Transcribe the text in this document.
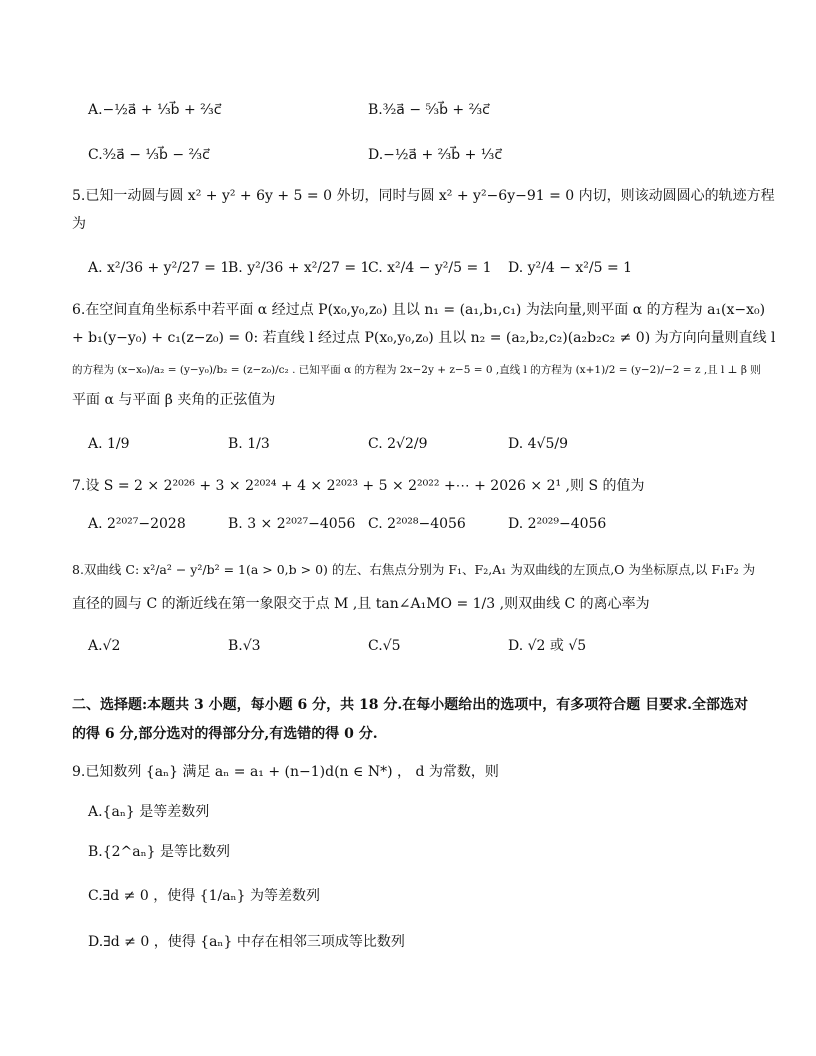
A.−½a⃗ + ⅓b⃗ + ⅔c⃗	B.³⁄₂a⃗ − ⁵⁄₃b⃗ + ⅔c⃗
C.³⁄₂a⃗ − ⅓b⃗ − ⅔c⃗	D.−½a⃗ + ⅔b⃗ + ⅓c⃗
5.已知一动圆与圆 x² + y² + 6y + 5 = 0 外切，同时与圆 x² + y²−6y−91 = 0 内切，则该动圆圆心的轨迹方程
为
A. x²/36 + y²/27 = 1
B. y²/36 + x²/27 = 1
C. x²/4 − y²/5 = 1 D. y²/4 − x²/5 = 1
6.在空间直角坐标系中若平面 α 经过点 P(x₀,y₀,z₀) 且以 n₁ = (a₁,b₁,c₁) 为法向量,则平面 α 的方程为 a₁(x−x₀)
+ b₁(y−y₀) + c₁(z−z₀) = 0: 若直线 l 经过点 P(x₀,y₀,z₀) 且以 n₂ = (a₂,b₂,c₂)(a₂b₂c₂ ≠ 0) 为方向向量则直线 l
的方程为 (x−x₀)/a₂ = (y−y₀)/b₂ = (z−z₀)/c₂ . 已知平面 α 的方程为 2x−2y + z−5 = 0 ,直线 l 的方程为 (x+1)/2 = (y−2)/−2 = z ,且 l ⊥ β 则
平面 α 与平面 β 夹角的正弦值为
A. 1/9	B. 1/3	C. 2√2/9	D. 4√5/9
7.设 S = 2 × 2²⁰²⁶ + 3 × 2²⁰²⁴ + 4 × 2²⁰²³ + 5 × 2²⁰²² +⋯ + 2026 × 2¹ ,则 S 的值为
A. 2²⁰²⁷−2028	B. 3 × 2²⁰²⁷−4056 C. 2²⁰²⁸−4056	D. 2²⁰²⁹−4056
8.双曲线 C: x²/a² − y²/b² = 1(a > 0,b > 0) 的左、右焦点分别为 F₁、F₂,A₁ 为双曲线的左顶点,O 为坐标原点,以 F₁F₂ 为
直径的圆与 C 的渐近线在第一象限交于点 M ,且 tan∠A₁MO = 1/3 ,则双曲线 C 的离心率为
A.√2	B.√3	C.√5	D. √2 或 √5
二、选择题:本题共 3 小题，每小题 6 分，共 18 分.在每小题给出的选项中，有多项符合题 目要求.全部选对
的得 6 分,部分选对的得部分分,有选错的得 0 分.
9.已知数列 {aₙ} 满足 aₙ = a₁ + (n−1)d(n ∈ N*) ， d 为常数，则
A.{aₙ} 是等差数列
B.{2^aₙ} 是等比数列
C.∃d ≠ 0 ，使得 {1/aₙ} 为等差数列
D.∃d ≠ 0 ，使得 {aₙ} 中存在相邻三项成等比数列
